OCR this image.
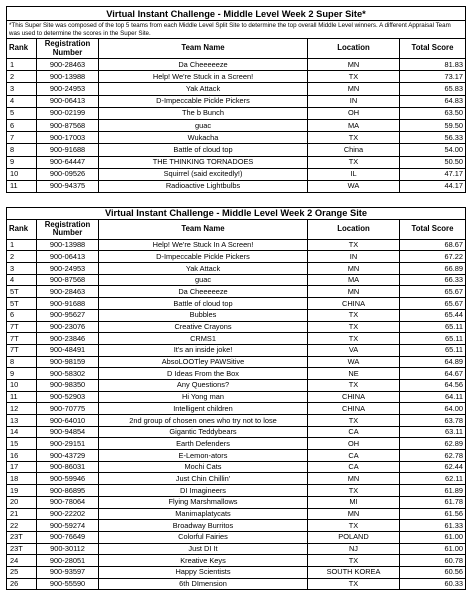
Virtual Instant Challenge - Middle Level Week 2 Super Site*				
*This Super Site was composed of the top 5 teams from each Middle Level Split Site to determine the top overall Middle Level winners. A different Appraisal Team was used to determine the scores in the Super Site.				
Rank	Registration Number	Team Name	Location	Total Score
1	900-28463	Da Cheeeeeze	MN	81.83
2	900-13988	Help! We're Stuck in a Screen!	TX	73.17
3	900-24953	Yak Attack	MN	65.83
4	900-06413	D-Impeccable Pickle Pickers	IN	64.83
5	900-02199	The b Bunch	OH	63.50
6	900-87568	guac	MA	59.50
7	900-17003	Wukacha	TX	56.33
8	900-91688	Battle of cloud top	China	54.00
9	900-64447	THE THINKING TORNADOES	TX	50.50
10	900-09526	Squirrel (said excitedly!)	IL	47.17
11	900-94375	Radioactive Lightbulbs	WA	44.17
Virtual Instant Challenge - Middle Level Week 2 Orange Site				
Rank	Registration Number	Team Name	Location	Total Score
1	900-13988	Help! We're Stuck In A Screen!	TX	68.67
2	900-06413	D-Impeccable Pickle Pickers	IN	67.22
3	900-24953	Yak Attack	MN	66.89
4	900-87568	guac	MA	66.33
5T	900-28463	Da Cheeeeeze	MN	65.67
5T	900-91688	Battle of cloud top	CHINA	65.67
6	900-95627	Bubbles	TX	65.44
7T	900-23076	Creative Crayons	TX	65.11
7T	900-23846	CRMS1	TX	65.11
7T	900-48491	It's an inside joke!	VA	65.11
8	900-98159	AbsoLOOTley PAWSitive	WA	64.89
9	900-58302	D Ideas From the Box	NE	64.67
10	900-98350	Any Questions?	TX	64.56
11	900-52903	Hi Yong man	CHINA	64.11
12	900-70775	Intelligent children	CHINA	64.00
13	900-64010	2nd group of chosen ones who try not to lose	TX	63.78
14	900-94854	Gigantic Teddybears	CA	63.11
15	900-29151	Earth Defenders	OH	62.89
16	900-43729	E-Lemon-ators	CA	62.78
17	900-86031	Mochi Cats	CA	62.44
18	900-59946	Just Chin Chillin'	MN	62.11
19	900-86895	DI Imagineers	TX	61.89
20	900-78064	Flying Marshmallows	MI	61.78
21	900-22202	Manimaplatycats	MN	61.56
22	900-59274	Broadway Burritos	TX	61.33
23T	900-76649	Colorful Fairies	POLAND	61.00
23T	900-30112	Just DI It	NJ	61.00
24	900-28051	Kreative Keys	TX	60.78
25	900-93597	Happy Scientists	SOUTH KOREA	60.56
26	900-55590	6th DImension	TX	60.33
